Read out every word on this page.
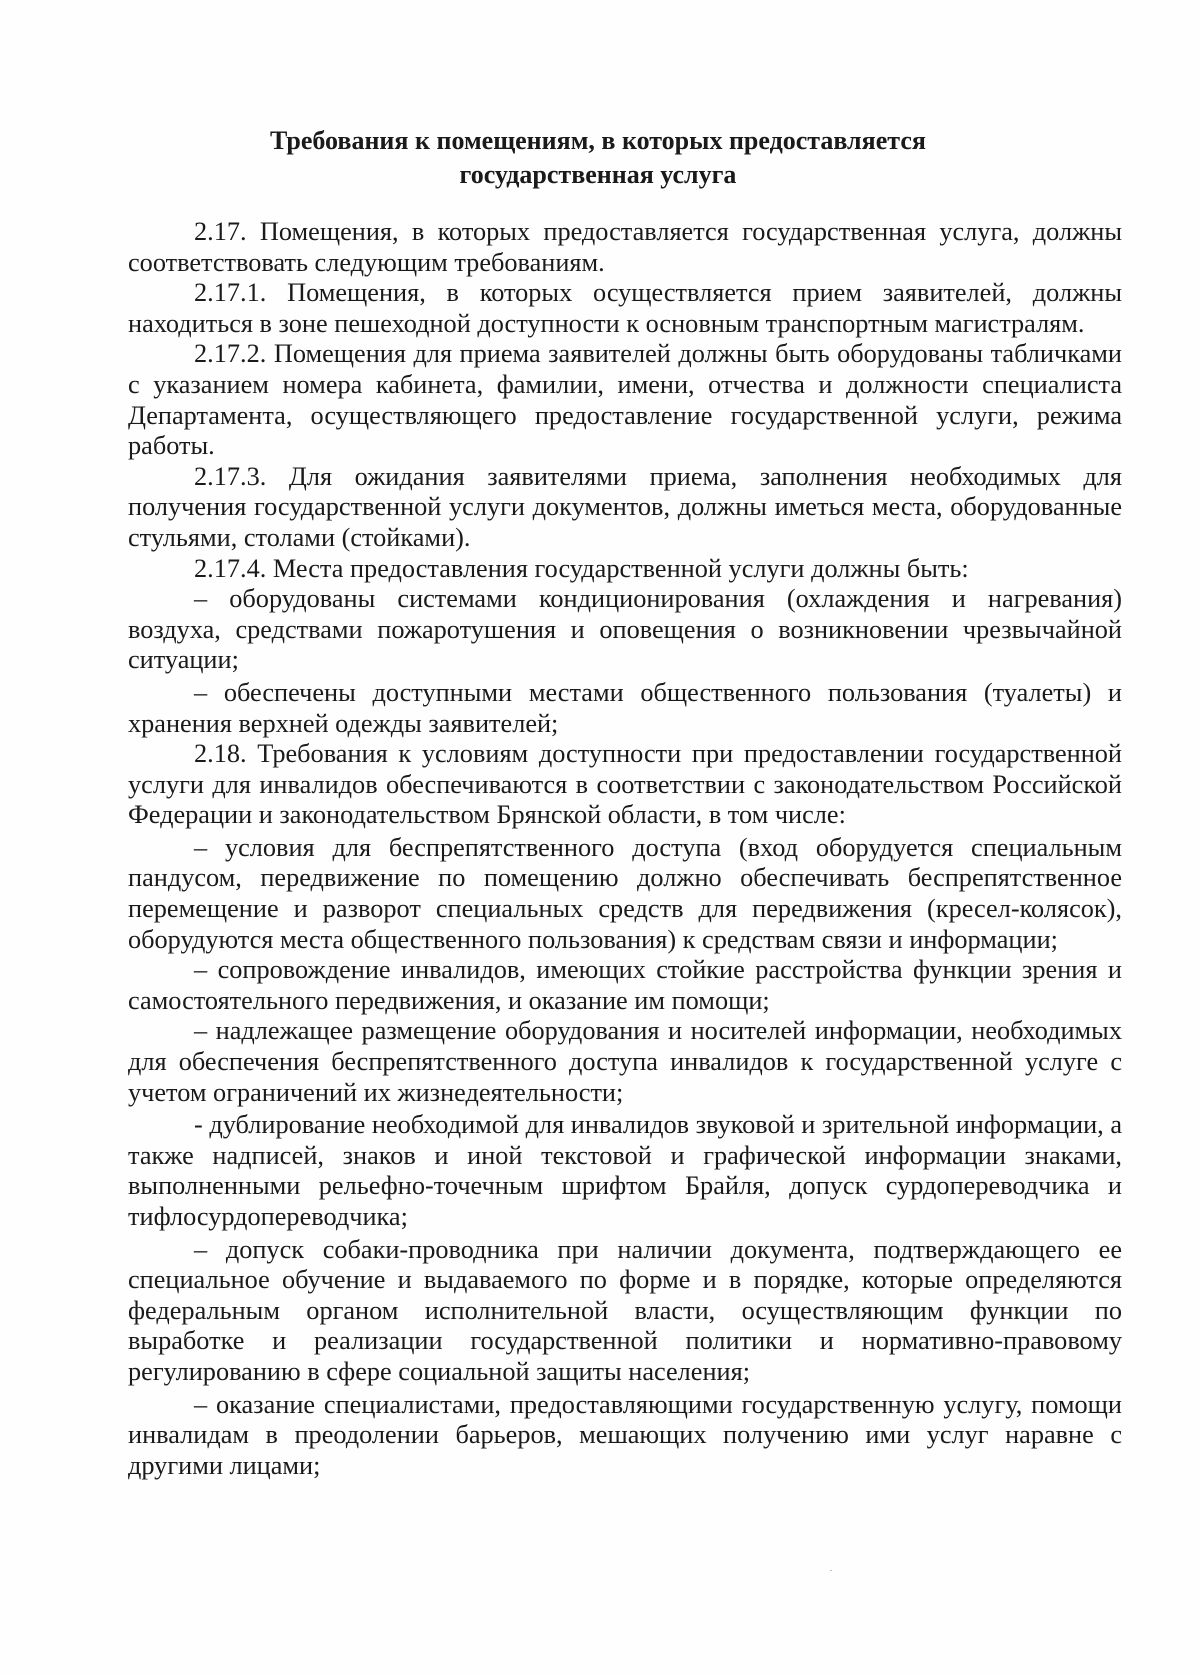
Требования к помещениям, в которых предоставляется
государственная услуга

2.17. Помещения, в которых предоставляется государственная услуга, должны соответствовать следующим требованиям.

2.17.1. Помещения, в которых осуществляется прием заявителей, должны находиться в зоне пешеходной доступности к основным транспортным магистралям.

2.17.2. Помещения для приема заявителей должны быть оборудованы табличками с указанием номера кабинета, фамилии, имени, отчества и должности специалиста Департамента, осуществляющего предоставление государственной услуги, режима работы.

2.17.3. Для ожидания заявителями приема, заполнения необходимых для получения государственной услуги документов, должны иметься места, оборудованные стульями, столами (стойками).

2.17.4. Места предоставления государственной услуги должны быть:

– оборудованы системами кондиционирования (охлаждения и нагревания) воздуха, средствами пожаротушения и оповещения о возникновении чрезвычайной ситуации;

– обеспечены доступными местами общественного пользования (туалеты) и хранения верхней одежды заявителей;

2.18. Требования к условиям доступности при предоставлении государственной услуги для инвалидов обеспечиваются в соответствии с законодательством Российской Федерации и законодательством Брянской области, в том числе:

– условия для беспрепятственного доступа (вход оборудуется специальным пандусом, передвижение по помещению должно обеспечивать беспрепятственное перемещение и разворот специальных средств для передвижения (кресел-колясок), оборудуются места общественного пользования) к средствам связи и информации;

– сопровождение инвалидов, имеющих стойкие расстройства функции зрения и самостоятельного передвижения, и оказание им помощи;

– надлежащее размещение оборудования и носителей информации, необходимых для обеспечения беспрепятственного доступа инвалидов к государственной услуге с учетом ограничений их жизнедеятельности;

- дублирование необходимой для инвалидов звуковой и зрительной информации, а также надписей, знаков и иной текстовой и графической информации знаками, выполненными рельефно-точечным шрифтом Брайля, допуск сурдопереводчика и тифлосурдопереводчика;

– допуск собаки-проводника при наличии документа, подтверждающего ее специальное обучение и выдаваемого по форме и в порядке, которые определяются федеральным органом исполнительной власти, осуществляющим функции по выработке и реализации государственной политики и нормативно-правовому регулированию в сфере социальной защиты населения;

– оказание специалистами, предоставляющими государственную услугу, помощи инвалидам в преодолении барьеров, мешающих получению ими услуг наравне с другими лицами;
